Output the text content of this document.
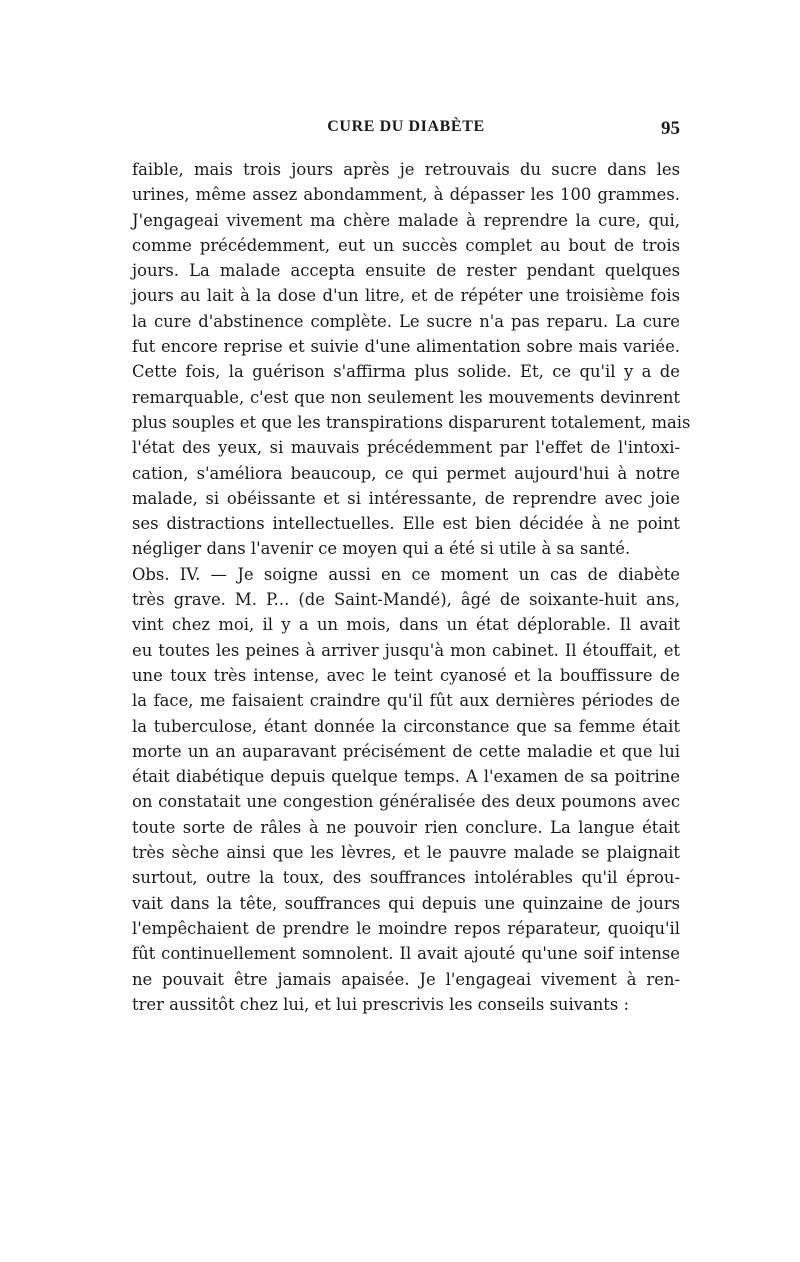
CURE DU DIABÈTE	95
faible, mais trois jours après je retrouvais du sucre dans les
urines, même assez abondamment, à dépasser les 100 grammes.
J'engageai vivement ma chère malade à reprendre la cure, qui,
comme précédemment, eut un succès complet au bout de trois
jours. La malade accepta ensuite de rester pendant quelques
jours au lait à la dose d'un litre, et de répéter une troisième fois
la cure d'abstinence complète. Le sucre n'a pas reparu. La cure
fut encore reprise et suivie d'une alimentation sobre mais variée.
Cette fois, la guérison s'affirma plus solide. Et, ce qu'il y a de
remarquable, c'est que non seulement les mouvements devinrent
plus souples et que les transpirations disparurent totalement, mais
l'état des yeux, si mauvais précédemment par l'effet de l'intoxi-
cation, s'améliora beaucoup, ce qui permet aujourd'hui à notre
malade, si obéissante et si intéressante, de reprendre avec joie
ses distractions intellectuelles. Elle est bien décidée à ne point
négliger dans l'avenir ce moyen qui a été si utile à sa santé.
Obs. IV. — Je soigne aussi en ce moment un cas de diabète
très grave. M. P... (de Saint-Mandé), âgé de soixante-huit ans,
vint chez moi, il y a un mois, dans un état déplorable. Il avait
eu toutes les peines à arriver jusqu'à mon cabinet. Il étouffait, et
une toux très intense, avec le teint cyanosé et la bouffissure de
la face, me faisaient craindre qu'il fût aux dernières périodes de
la tuberculose, étant donnée la circonstance que sa femme était
morte un an auparavant précisément de cette maladie et que lui
était diabétique depuis quelque temps. A l'examen de sa poitrine
on constatait une congestion généralisée des deux poumons avec
toute sorte de râles à ne pouvoir rien conclure. La langue était
très sèche ainsi que les lèvres, et le pauvre malade se plaignait
surtout, outre la toux, des souffrances intolérables qu'il éprou-
vait dans la tête, souffrances qui depuis une quinzaine de jours
l'empêchaient de prendre le moindre repos réparateur, quoiqu'il
fût continuellement somnolent. Il avait ajouté qu'une soif intense
ne pouvait être jamais apaisée. Je l'engageai vivement à ren-
trer aussitôt chez lui, et lui prescrivis les conseils suivants :
